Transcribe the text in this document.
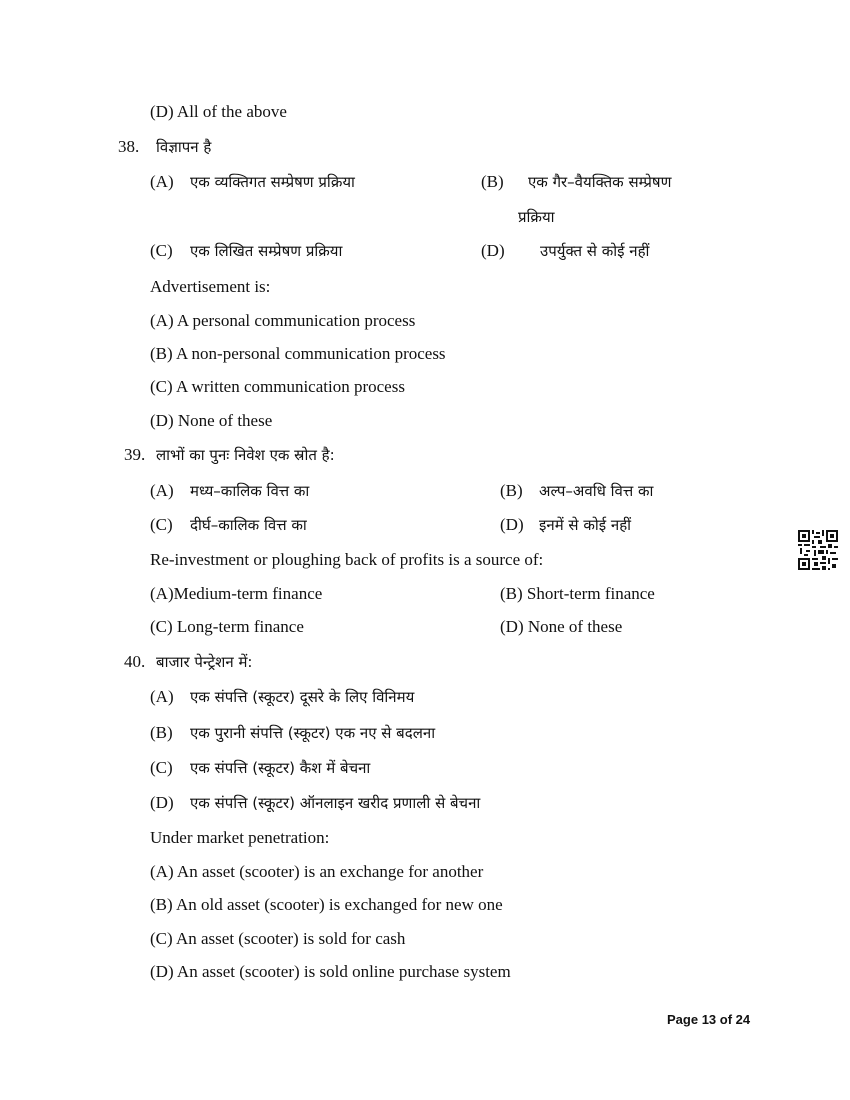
(D) All of the above
38. विज्ञापन है
(A) एक व्यक्तिगत सम्प्रेषण प्रक्रिया	(B) एक गैर–वैयक्तिक सम्प्रेषण
प्रक्रिया
(C) एक लिखित सम्प्रेषण प्रक्रिया	(D) उपर्युक्त से कोई नहीं
Advertisement is:
(A) A personal communication process
(B) A non-personal communication process
(C) A written communication process
(D) None of these
39. लाभों का पुनः निवेश एक स्रोत है:
(A) मध्य–कालिक वित्त का	(B) अल्प–अवधि वित्त का
(C) दीर्घ–कालिक वित्त का	(D) इनमें से कोई नहीं
Re-investment or ploughing back of profits is a source of:
(A)Medium-term finance	(B) Short-term finance
(C) Long-term finance	(D) None of these
40. बाजार पेन्ट्रेशन में:
(A) एक संपत्ति (स्कूटर) दूसरे के लिए विनिमय
(B) एक पुरानी संपत्ति (स्कूटर) एक नए से बदलना
(C) एक संपत्ति (स्कूटर) कैश में बेचना
(D) एक संपत्ति (स्कूटर) ऑनलाइन खरीद प्रणाली से बेचना
Under market penetration:
(A) An asset (scooter) is an exchange for another
(B) An old asset (scooter) is exchanged for new one
(C) An asset (scooter) is sold for cash
(D) An asset (scooter) is sold online purchase system
Page 13 of 24
